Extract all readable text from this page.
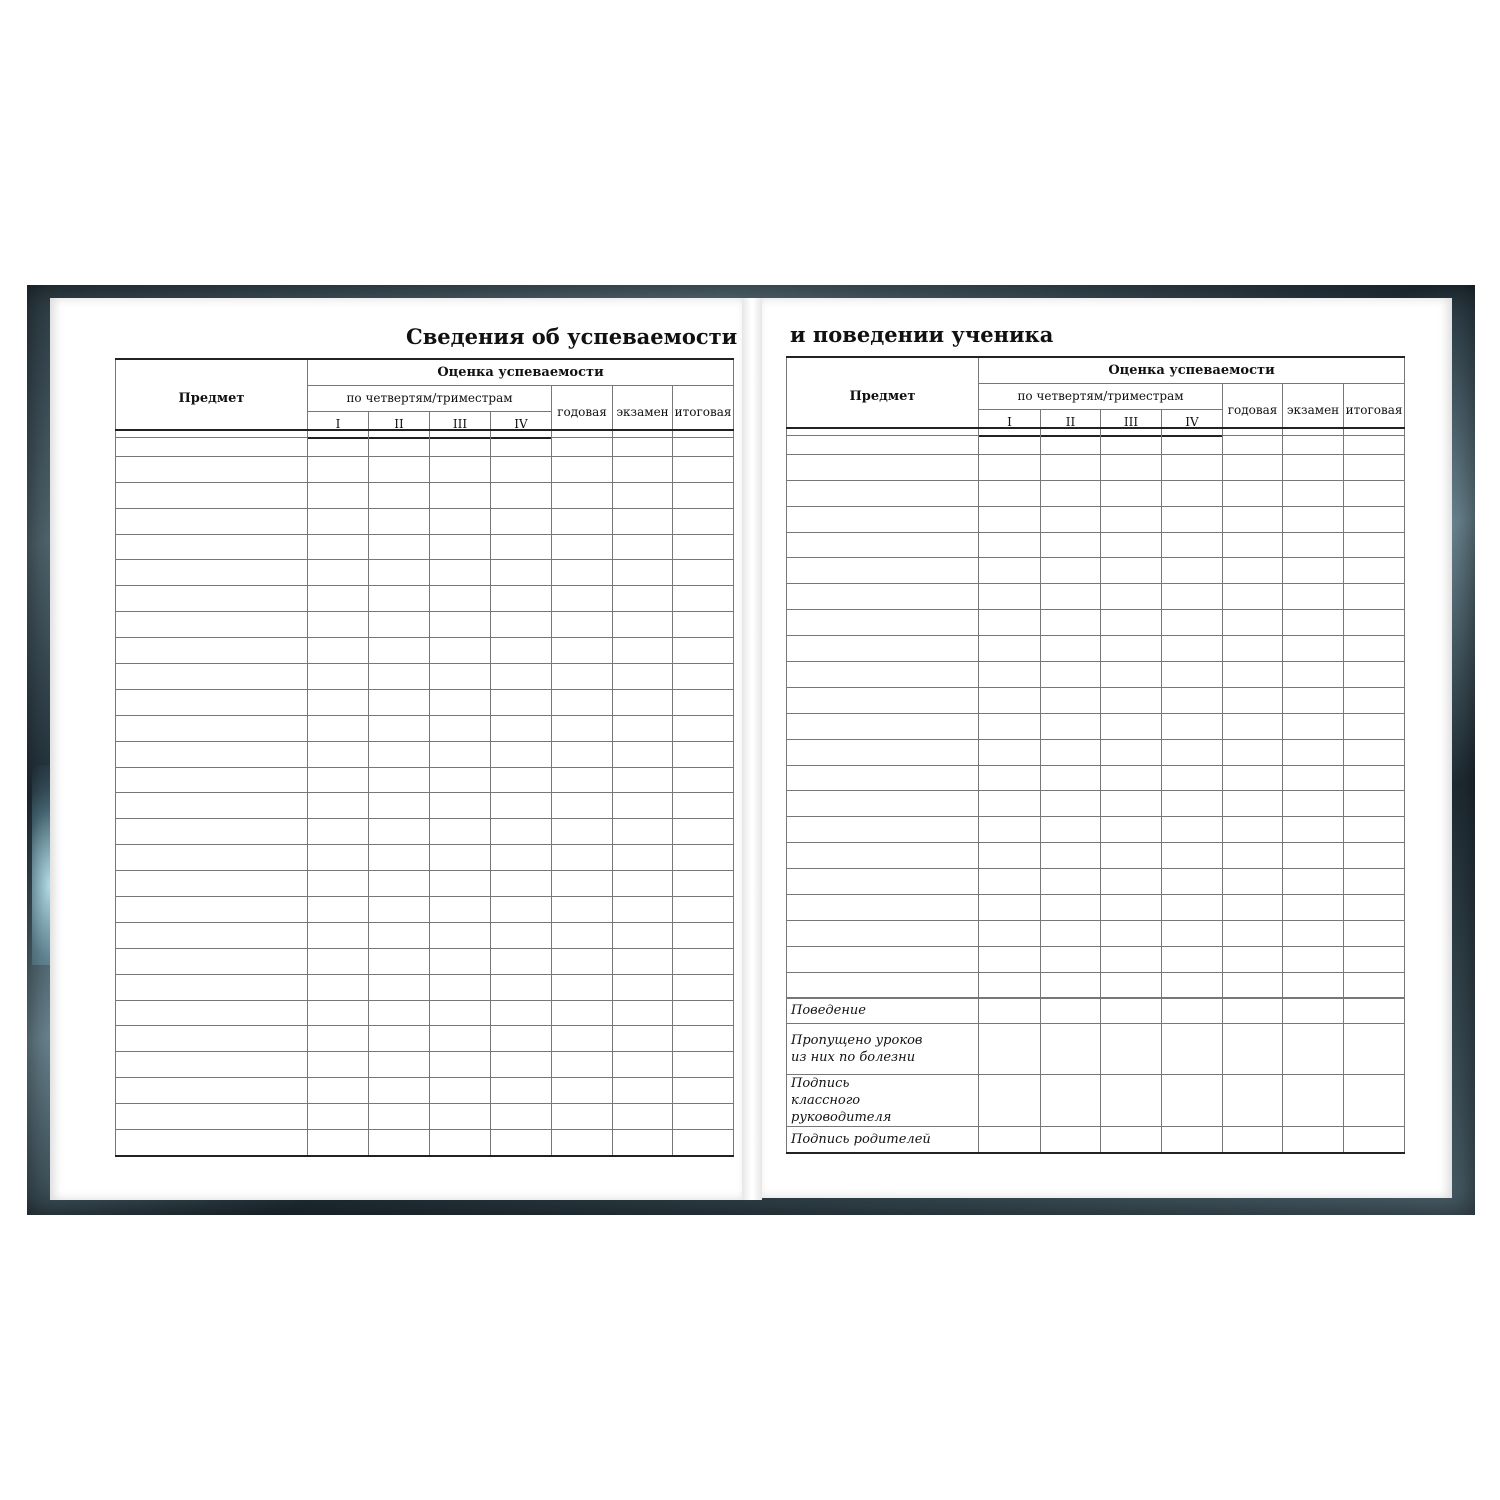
Сведения об успеваемости	и поведении ученика
Предмет	Оценка успеваемости						
	по четвертям/триместрам				годовая	экзамен	итоговая
	I	II	III	IV			

Предмет	Оценка успеваемости						
	по четвертям/триместрам				годовая	экзамен	итоговая
	I	II	III	IV			

Поведение							
Пропущено уроков из них по болезни							
Подпись классного руководителя							
Подпись родителей							
